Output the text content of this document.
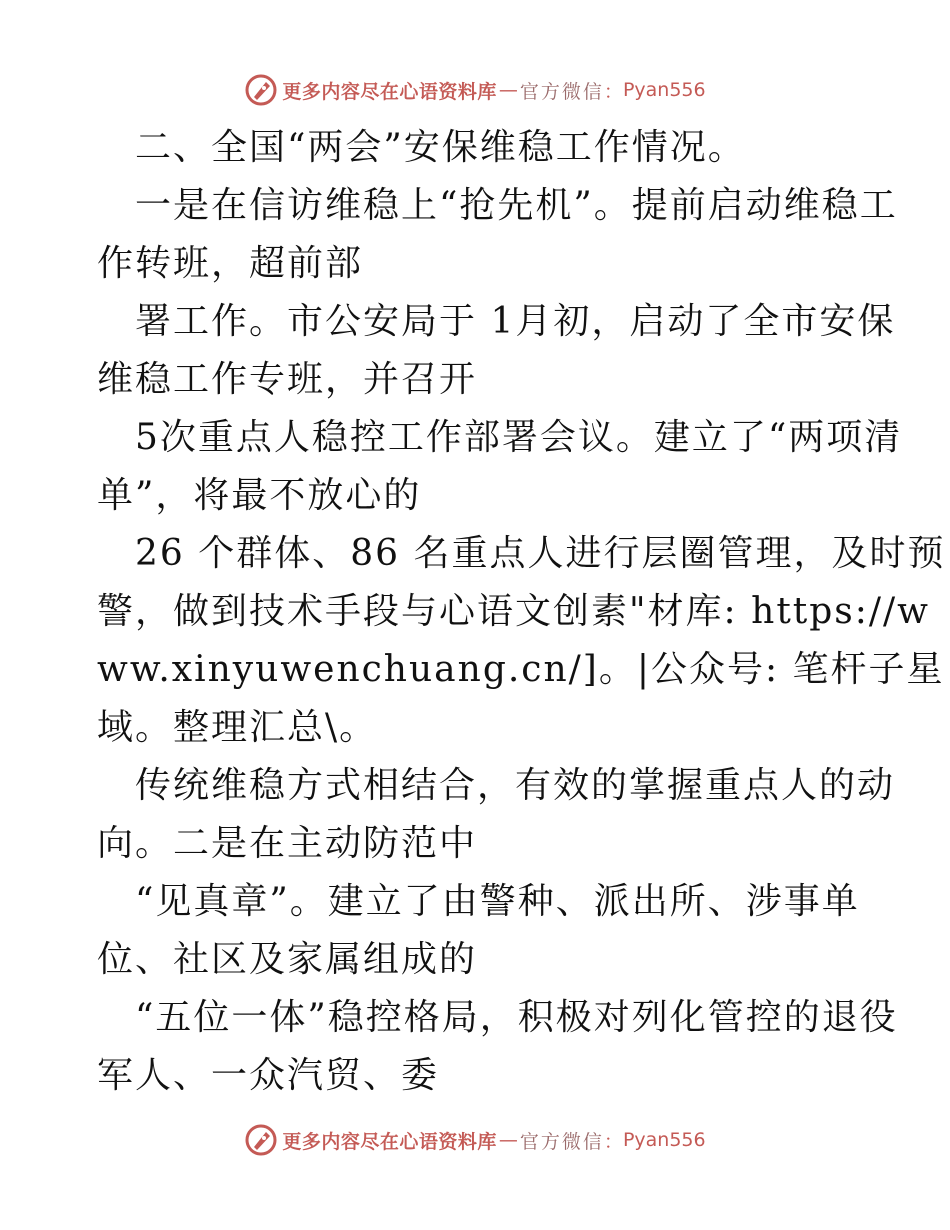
更多内容尽在心语资料库 — 官方微信 ： Pyan556
二、全国“两会”安保维稳工作情况。
一是在信访维稳上“抢先机”。提前启动维稳工
作转班，超前部
署工作。市公安局于 1月初，启动了全市安保
维稳工作专班，并召开
5次重点人稳控工作部署会议。建立了“两项清
单”，将最不放心的
26 个群体、86 名重点人进行层圈管理，及时预
警，做到技术手段与心语文创素"材库: https://w
ww.xinyuwenchuang.cn/]。|公众号: 笔杆子星
域。整理汇总\。
传统维稳方式相结合，有效的掌握重点人的动
向。二是在主动防范中
“见真章”。建立了由警种、派出所、涉事单
位、社区及家属组成的
“五位一体”稳控格局，积极对列化管控的退役
军人、一众汽贸、委
更多内容尽在心语资料库 — 官方微信 ： Pyan556
